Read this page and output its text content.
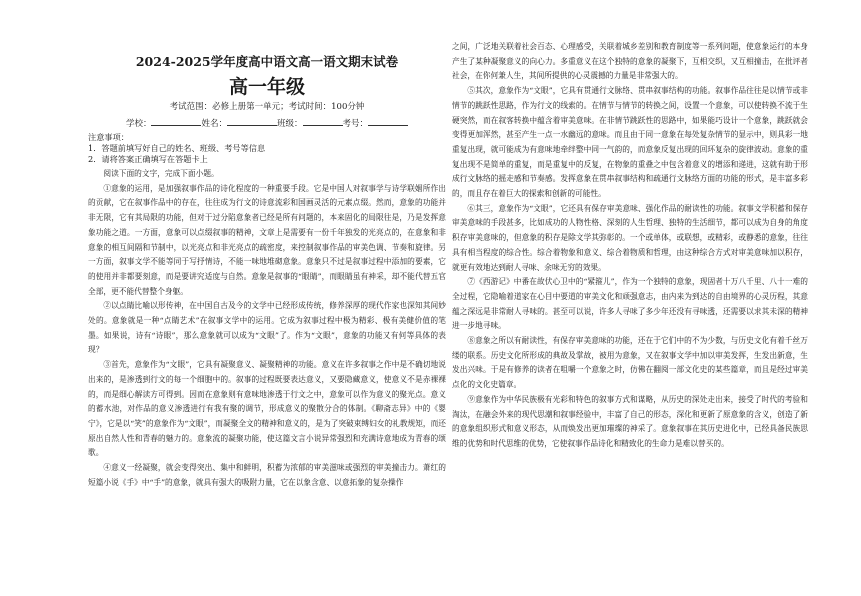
2024-2025学年度高中语文高一语文期末试卷
高一年级
考试范围：必修上册第一单元；考试时间：100分钟
学校：	姓名：	班级：	考号：
注意事项：
1．答题前填写好自己的姓名、班级、考号等信息
2．请将答案正确填写在答题卡上

阅读下面的文字，完成下面小题。

①意象的运用，是加强叙事作品的诗化程度的一种重要手段。它是中国人对叙事学与诗学联姻所作出的贡献，它在叙事作品中的存在，往往成为行文的诗意流彩和国画灵活的元素点缀。然而，意象的功能并非无限，它有其局限的功能，但对于过分陷意象者已经是所有问题的，本来固化的局限往是，乃是发挥意象功能之道。一方面，意象可以点缀叙事的精神，文章上是需要有一份千年独发的光亮点的，在意象和非意象的相互间隔和节制中，以光亮点和非光亮点的疏密度，来控制叙事作品的审美色调、节奏和旋律。另一方面，叙事文学不能等同于写抒情诗，不能一味地堆砌意象。意象只不过是叙事过程中添加的要素，它的使用并非都要刻意，而是要讲究适度与自然。意象是叙事的“眼睛”，而眼睛虽有神采，却不能代替五官全部，更不能代替整个身躯。

②以点睛比喻以形传神，在中国自古及今的文学中已经形成传统，修养深厚的现代作家也深知其间妙处的。意象就是一种“点睛艺术”在叙事文学中的运用。它成为叙事过程中极为精彩、极有美健价值的笔墨。如果说，诗有“诗眼”，那么意象就可以成为“文眼”了。作为“文眼”，意象的功能又有何等具体的表现？

③首先，意象作为“文眼”，它具有凝聚意义、凝聚精神的功能。意义在许多叙事之作中是不确切地说出来的，是渗透到行文的每一个细胞中的。叙事的过程既要表达意义，又要隐藏意义，使意义不是赤裸裸的，而是细心解读方可得到。因而在意象则有意味地渗透于行文之中，意象可以作为意义的聚光点。意义的蓄水池，对作品的意义渗透进行有我有聚的调节，形成意义的聚散分合的体制。《聊斋志异》中的《婴宁》，它是以“笑”的意象作为“文眼”，而凝聚全文的精神和意义的，是为了突破束缚妇女的礼教规矩，而还原出自然人性和青春的魅力的。意象流的凝聚功能，使这篇文言小说异常强烈和充满诗意地成为青春的颂歌。

④意义一经凝聚，就会变得突出、集中和鲜明，积蓄为浓郁的审美滋味或强烈的审美撞击力。萧红的短篇小说《手》中“手”的意象，就具有强大的吸附力量，它在以象含意、以意拓象的复杂操作

之间，广泛地关联着社会百态、心理感受，关联着城乡差别和教育制度等一系列问题，使意象运行的本身产生了某种凝聚意义的向心力。多重意义在这个独特的意象的凝聚下，互相交织，又互相撞击，在批评者社会，在你何兼人生，其间所提供的心灵震撼的力量是非常强大的。

⑤其次，意象作为“文眼”，它具有贯通行文脉络、贯串叙事结构的功能。叙事作品往往是以情节或非情节的跳跃性思路，作为行文的线索的。在情节与情节的转换之间，设置一个意象，可以使转换不流于生硬突然，而在叙客转换中蕴含着审美意味。在非情节跳跃性的思路中，如果能巧设计一个意象，跳跃就会变得更加浑然，甚至产生一点一水幽远的意味。而且由于同一意象在每处复杂情节的显示中，则具彩一地重复出现，就可能成为有意味地牵绊整中同一气韵的，而意象反复出现的回环复杂的旋律波动。意象的重复出现不是简单的重复，而是重复中的反复，在物象的重叠之中包含着意义的增添和递进，这就有助于形成行文脉络的摇走感和节奏感。发挥意象在贯串叙事结构和疏通行文脉络方面的功能的形式，是丰富多彩的，而且存在着巨大的探索和创新的可能性。

⑥其三，意象作为“文眼”，它还具有保存审美意味、强化作品的耐读性的功能。叙事文学积蓄和保存审美意味的手段甚多，比如成功的人物性格、深刻的人生哲理、独特的生活细节，都可以成为自身的角度积存审美意味的，但意象的积存是除文学其弥彰的。一个或单体，或联想，或精彩，或静悉的意象，往往具有相当程度的综合性。综合着物象和意义、综合着物质和哲理，由这种综合方式对审美意味加以积存，就更有效地达到耐人寻味、余味无穷的效果。

⑦《西游记》中番在故伏心卫中的“紧箍儿”，作为一个独特的意象，现固者十万八千里、八十一难的全过程，它隐喻着道家在心目中要道的审美文化和顽强意志，由内来为到达的自由境界的心灵历程，其意蕴之深远是非常耐人寻味的。甚至可以说，许多人寻味了多少年还没有寻味透，还需要以求其未深的精神进一步地寻味。

⑧意象之所以有耐读性，有保存审美意味的功能，还在于它们中的不为少数，与历史文化有着千丝万缕的联系。历史文化所形成的典故及掌故，被用为意象，又在叙事文学中加以审美发挥，生发出新意，生发出兴味。于是有修养的读者在咀嚼一个意象之时，仿佛在翻阅一部文化史的某些篇章，而且是经过审美点化的文化史篇章。

⑨意象作为中华民族极有光彩和特色的叙事方式和谋略，从历史的深处走出来，接受了时代的考验和淘汰，在融会外来的现代思潮和叙事经验中，丰富了自己的形态，深化和更新了原意象的含义，创造了新的意象组织形式和意义形态，从而焕发出更加璀璨的神采了。意象叙事在其历史进化中，已经具备民族思维的优势和时代思维的优势，它使叙事作品诗化和精致化的生命力是难以替买的。
